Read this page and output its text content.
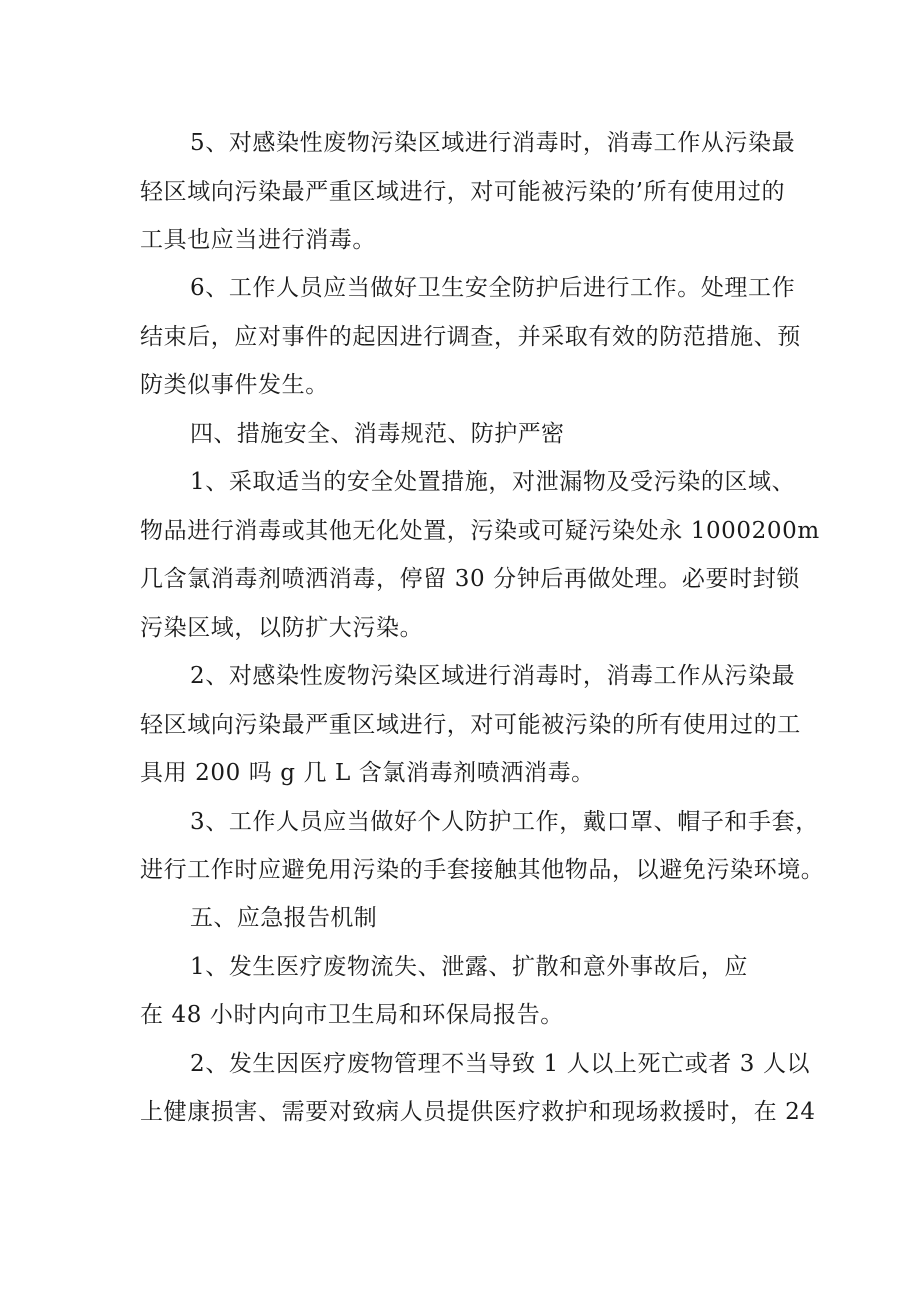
5、对感染性废物污染区域进行消毒时，消毒工作从污染最
轻区域向污染最严重区域进行，对可能被污染的’所有使用过的
工具也应当进行消毒。
6、工作人员应当做好卫生安全防护后进行工作。处理工作
结束后，应对事件的起因进行调查，并采取有效的防范措施、预
防类似事件发生。
四、措施安全、消毒规范、防护严密
1、采取适当的安全处置措施，对泄漏物及受污染的区域、
物品进行消毒或其他无化处置，污染或可疑污染处永 1000200m
几含氯消毒剂喷洒消毒，停留 30 分钟后再做处理。必要时封锁
污染区域，以防扩大污染。
2、对感染性废物污染区域进行消毒时，消毒工作从污染最
轻区域向污染最严重区域进行，对可能被污染的所有使用过的工
具用 200 吗 g 几 L 含氯消毒剂喷洒消毒。
3、工作人员应当做好个人防护工作，戴口罩、帽子和手套，
进行工作时应避免用污染的手套接触其他物品，以避免污染环境。
五、应急报告机制
1、发生医疗废物流失、泄露、扩散和意外事故后，应
在 48 小时内向市卫生局和环保局报告。
2、发生因医疗废物管理不当导致 1 人以上死亡或者 3 人以
上健康损害、需要对致病人员提供医疗救护和现场救援时，在 24
